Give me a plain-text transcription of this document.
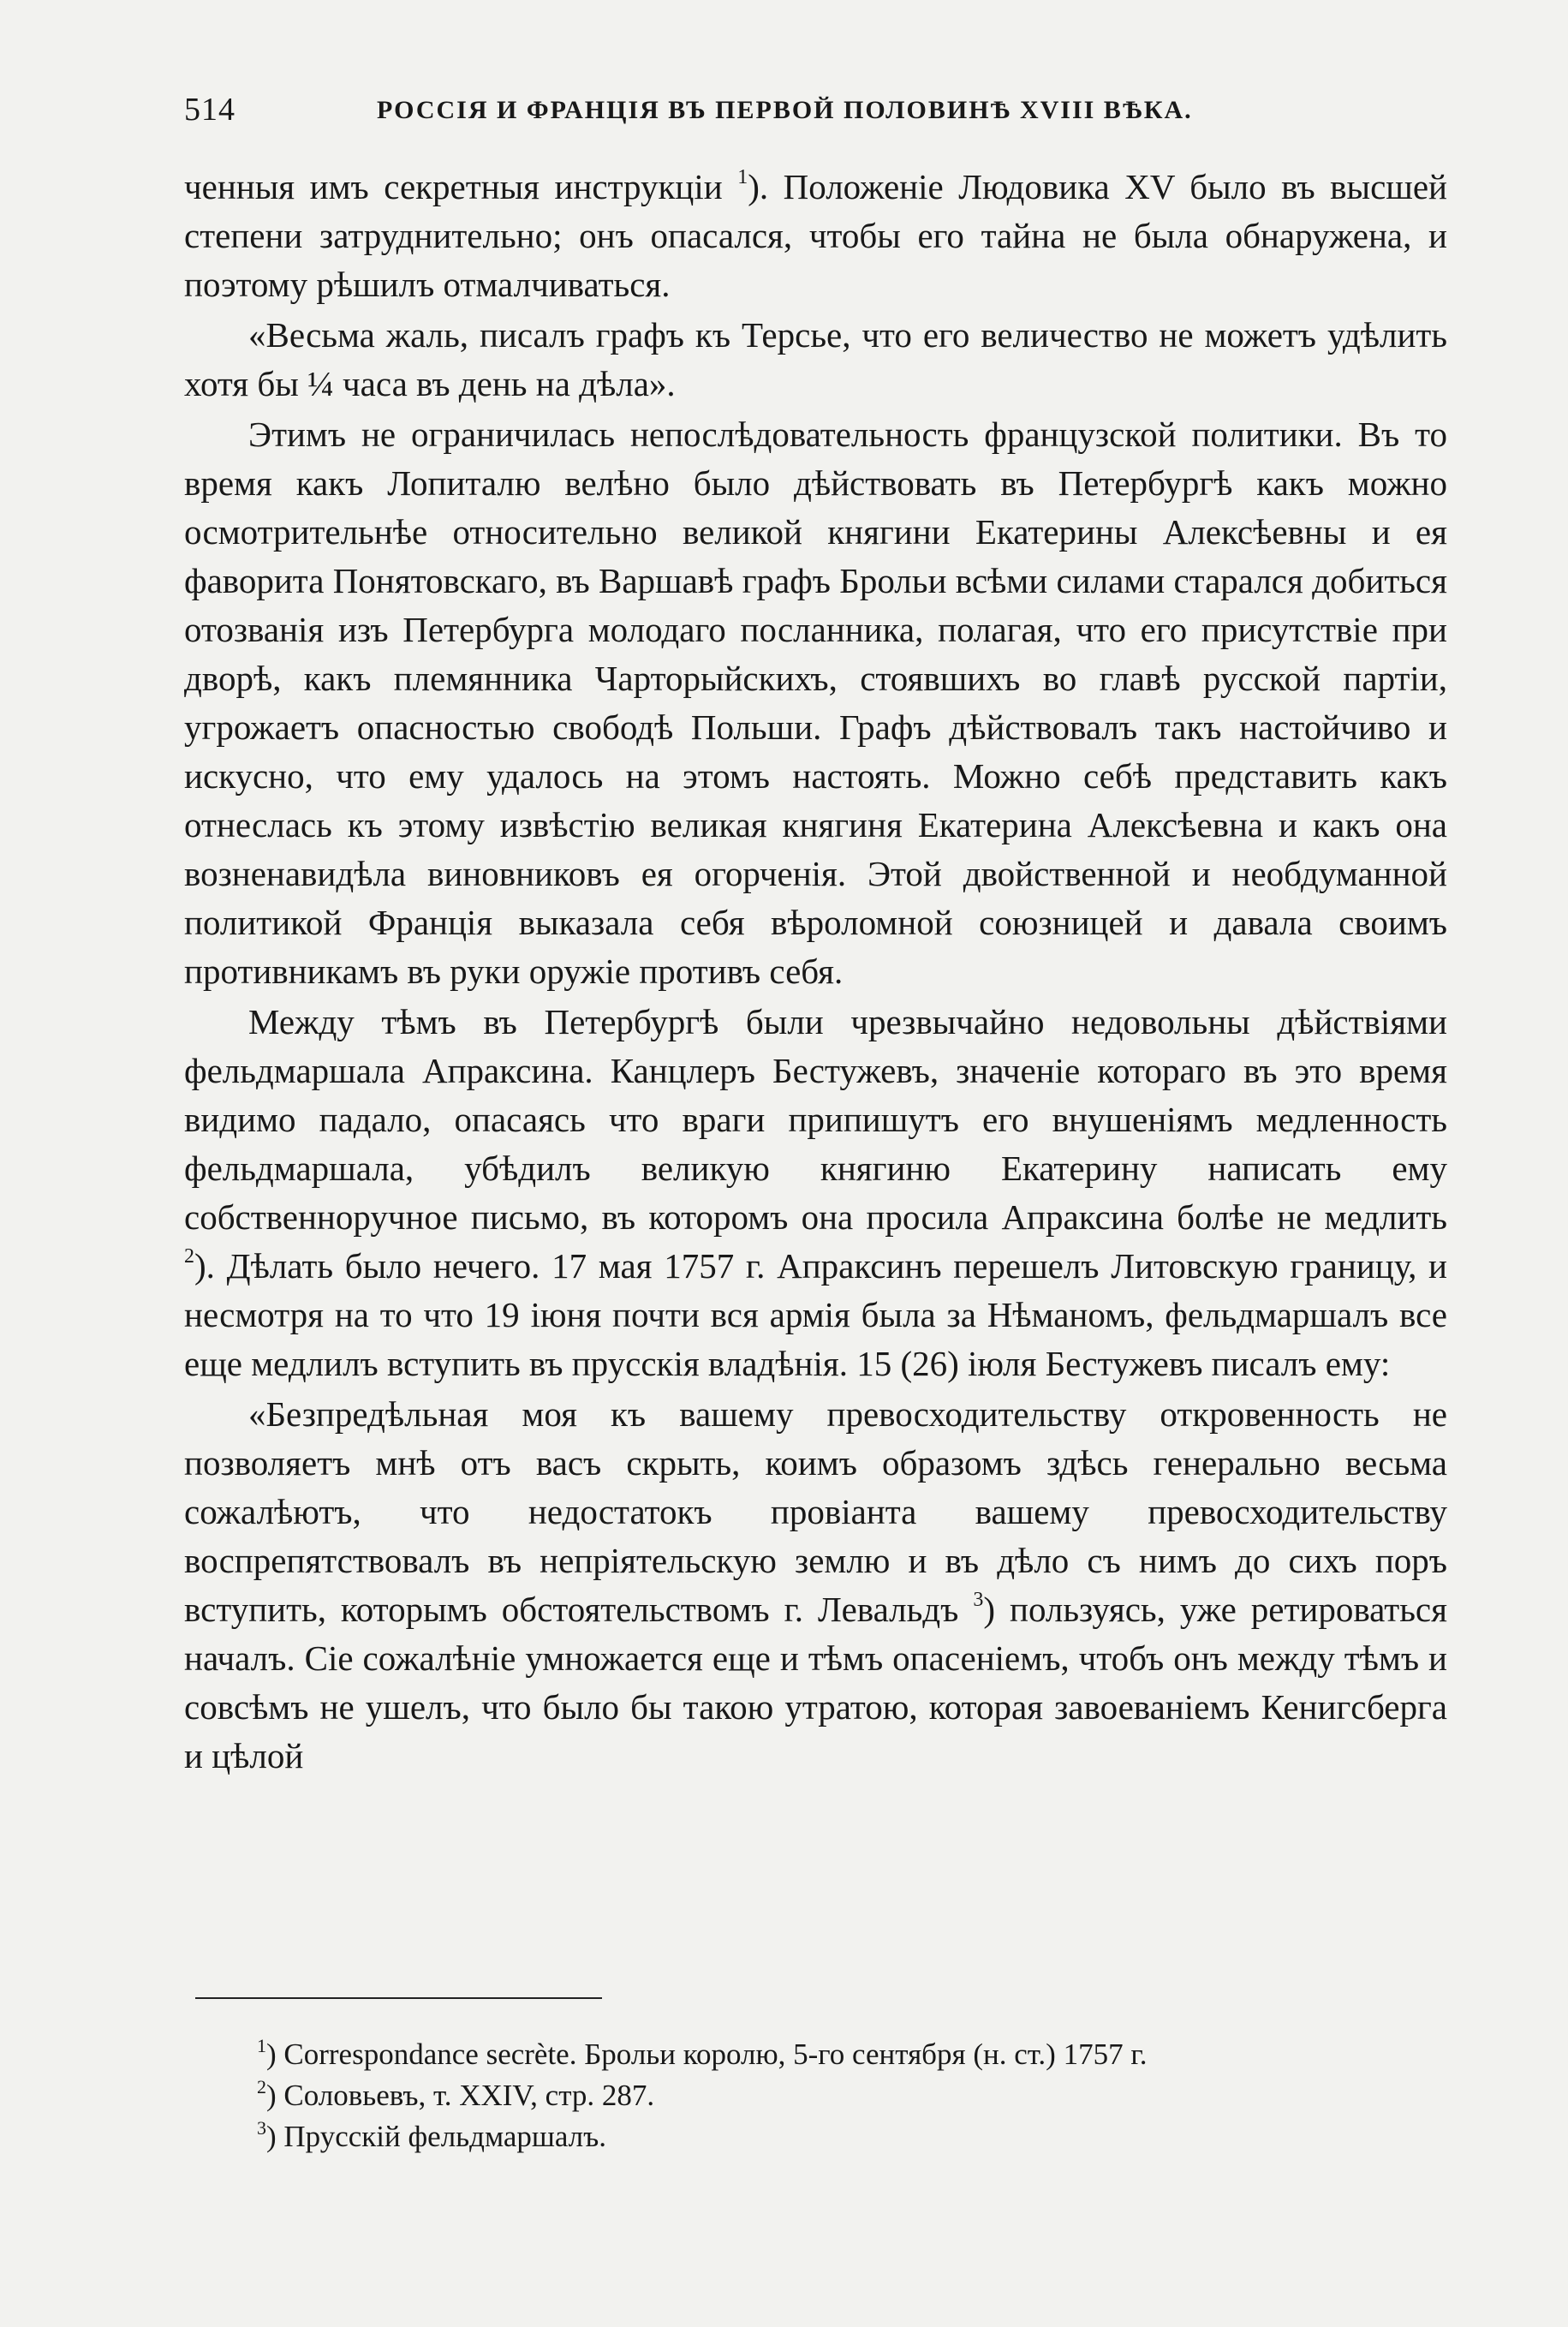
514	РОССІЯ И ФРАНЦІЯ ВЪ ПЕРВОЙ ПОЛОВИНѢ XVIII ВѢКА.

ченныя имъ секретныя инструкціи $^1$). Положеніе Людовика XV было въ высшей степени затруднительно; онъ опасался, чтобы его тайна не была обнаружена, и поэтому рѣшилъ отмалчиваться.

«Весьма жаль, писалъ графъ къ Терсье, что его величество не можетъ удѣлить хотя бы ¼ часа въ день на дѣла».

Этимъ не ограничилась непослѣдовательность французской политики. Въ то время какъ Лопиталю велѣно было дѣйствовать въ Петербургѣ какъ можно осмотрительнѣе относительно великой княгини Екатерины Алексѣевны и ея фаворита Понятовскаго, въ Варшавѣ графъ Брольи всѣми силами старался добиться отозванія изъ Петербурга молодаго посланника, полагая, что его присутствіе при дворѣ, какъ племянника Чарторыйскихъ, стоявшихъ во главѣ русской партіи, угрожаетъ опасностью свободѣ Польши. Графъ дѣйствовалъ такъ настойчиво и искусно, что ему удалось на этомъ настоять. Можно себѣ представить какъ отнеслась къ этому извѣстію великая княгиня Екатерина Алексѣевна и какъ она возненавидѣла виновниковъ ея огорченія. Этой двойственной и необдуманной политикой Франція выказала себя вѣроломной союзницей и давала своимъ противникамъ въ руки оружіе противъ себя.

Между тѣмъ въ Петербургѣ были чрезвычайно недовольны дѣйствіями фельдмаршала Апраксина. Канцлеръ Бестужевъ, значеніе котораго въ это время видимо падало, опасаясь что враги припишутъ его внушеніямъ медленность фельдмаршала, убѣдилъ великую княгиню Екатерину написать ему собственноручное письмо, въ которомъ она просила Апраксина болѣе не медлить $^2$). Дѣлать было нечего. 17 мая 1757 г. Апраксинъ перешелъ Литовскую границу, и несмотря на то что 19 іюня почти вся армія была за Нѣманомъ, фельдмаршалъ все еще медлилъ вступить въ прусскія владѣнія. 15 (26) іюля Бестужевъ писалъ ему:

«Безпредѣльная моя къ вашему превосходительству откровенность не позволяетъ мнѣ отъ васъ скрыть, коимъ образомъ здѣсь генерально весьма сожалѣютъ, что недостатокъ провіанта вашему превосходительству воспрепятствовалъ въ непріятельскую землю и въ дѣло съ нимъ до сихъ поръ вступить, которымъ обстоятельствомъ г. Левальдъ $^3$) пользуясь, уже ретироваться началъ. Сіе сожалѣніе умножается еще и тѣмъ опасеніемъ, чтобъ онъ между тѣмъ и совсѣмъ не ушелъ, что было бы такою утратою, которая завоеваніемъ Кенигсберга и цѣлой

$^1$) Correspondance secrète. Брольи королю, 5-го сентября (н. ст.) 1757 г.
$^2$) Соловьевъ, т. XXIV, стр. 287.
$^3$) Прусскій фельдмаршалъ.
